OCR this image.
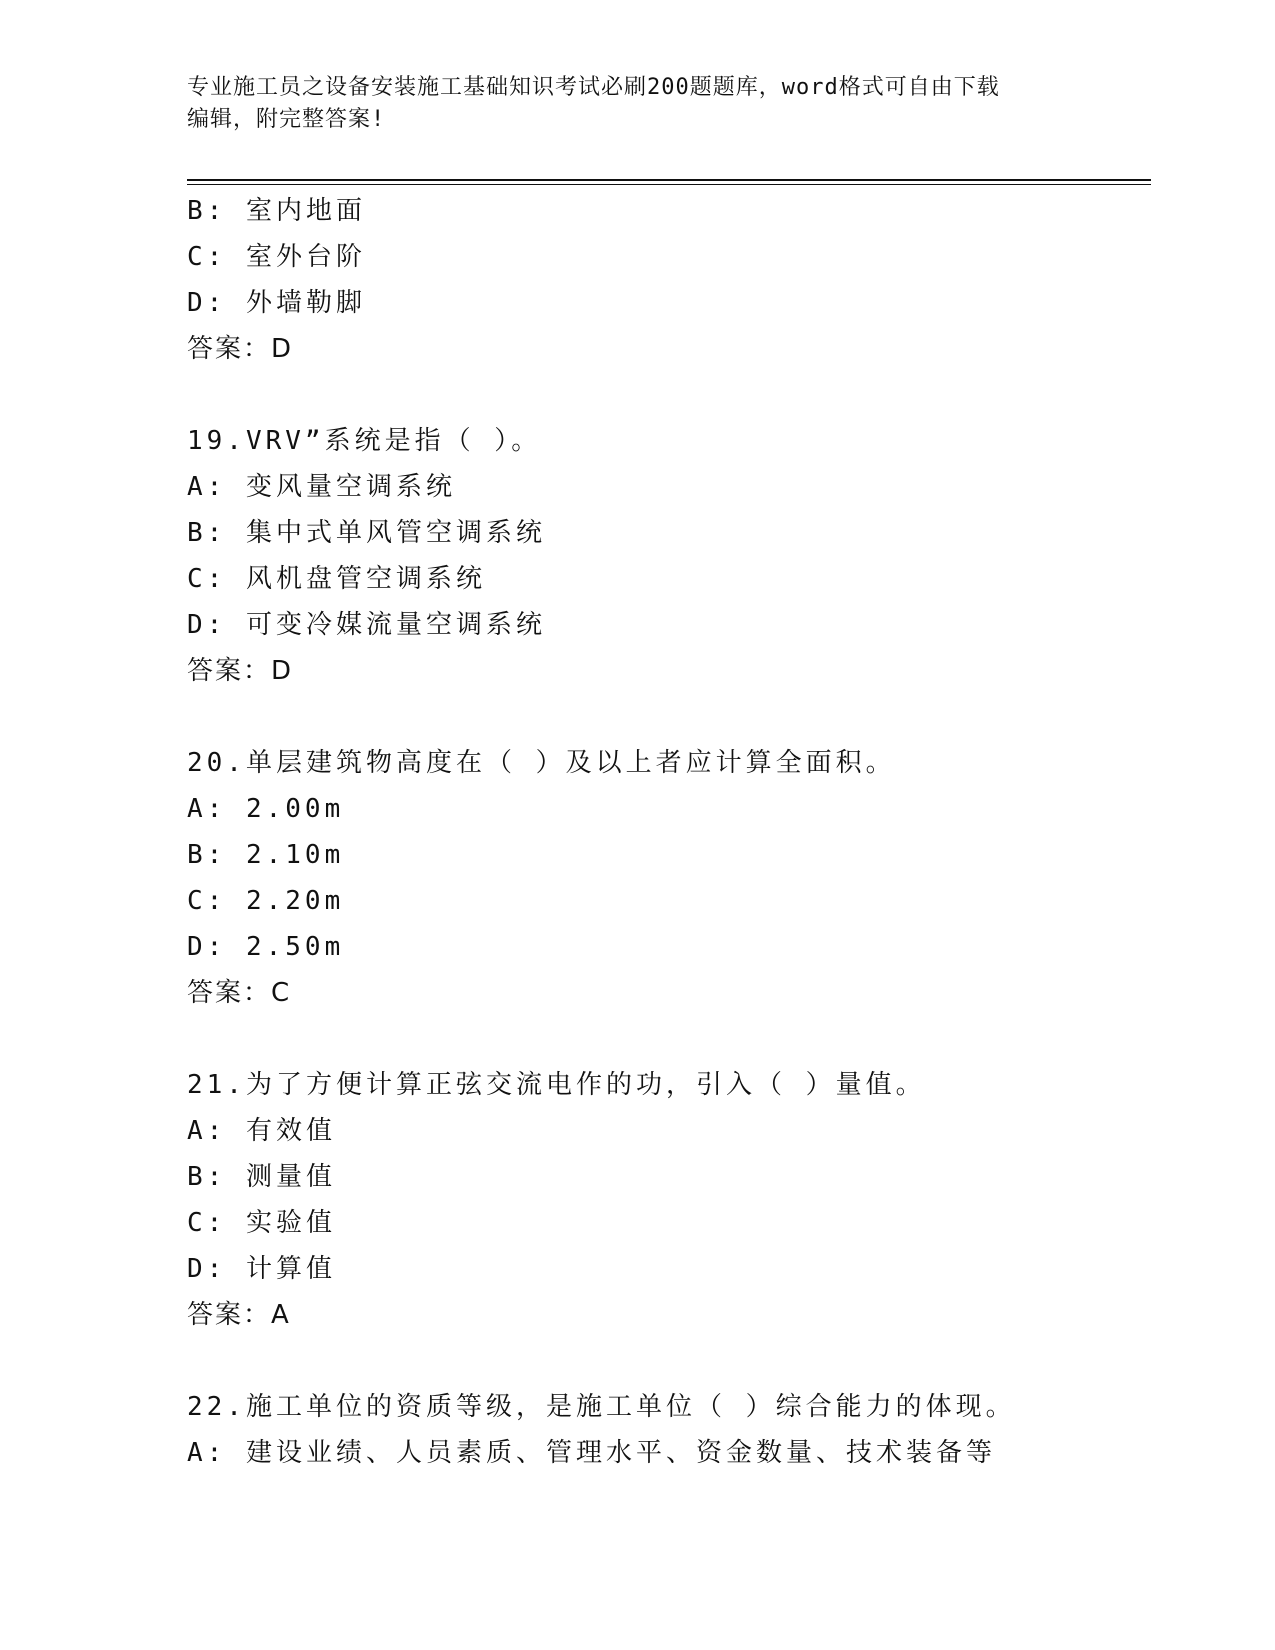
专业施工员之设备安装施工基础知识考试必刷200题题库，word格式可自由下载
编辑，附完整答案!
B: 室内地面
C: 室外台阶
D: 外墙勒脚
答案：D
19.VRV”系统是指（ ）。
A: 变风量空调系统
B: 集中式单风管空调系统
C: 风机盘管空调系统
D: 可变冷媒流量空调系统
答案：D
20.单层建筑物高度在（ ）及以上者应计算全面积。
A: 2.00m
B: 2.10m
C: 2.20m
D: 2.50m
答案：C
21.为了方便计算正弦交流电作的功，引入（ ）量值。
A: 有效值
B: 测量值
C: 实验值
D: 计算值
答案：A
22.施工单位的资质等级，是施工单位（ ）综合能力的体现。
A: 建设业绩、人员素质、管理水平、资金数量、技术装备等
